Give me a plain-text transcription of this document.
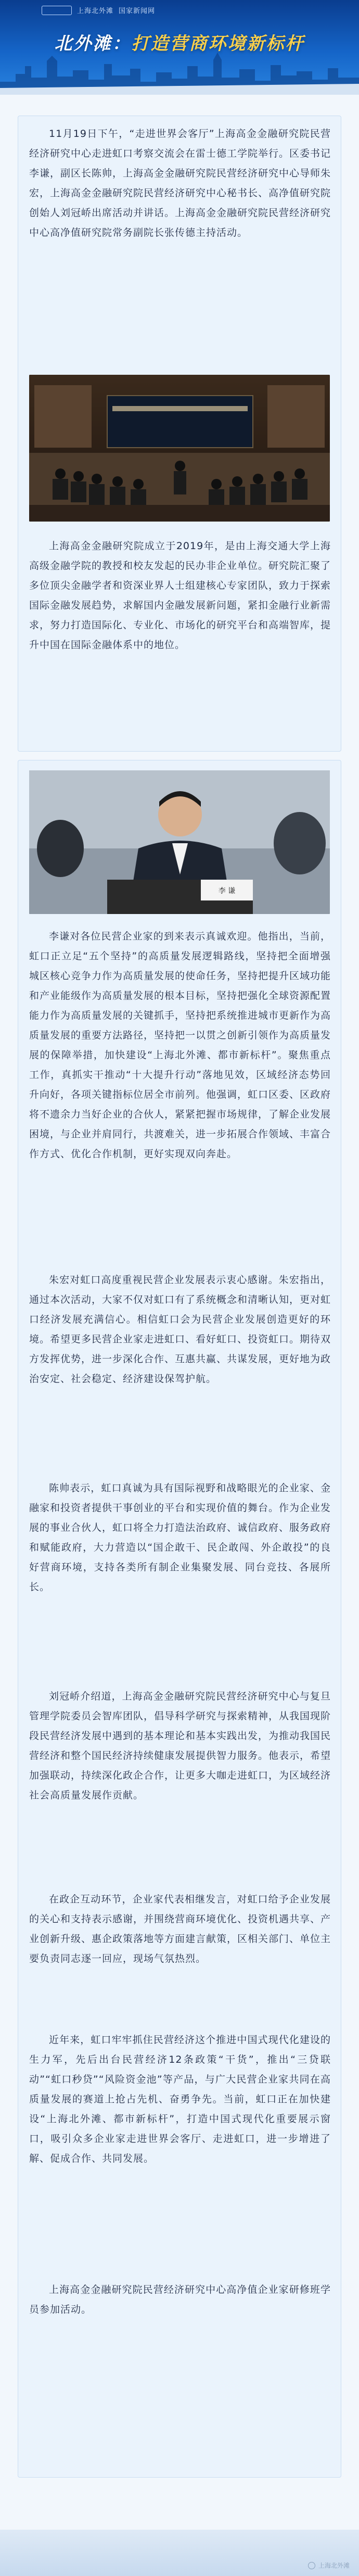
上海北外滩 国家新闻网
北外滩：打造营商环境新标杆
11月19日下午，“走进世界会客厅”上海高金金融研究院民营经济研究中心走进虹口考察交流会在雷士德工学院举行。区委书记李谦，副区长陈帅，上海高金金融研究院民营经济研究中心导师朱宏，上海高金金融研究院民营经济研究中心秘书长、高净值研究院创始人刘冠峤出席活动并讲话。上海高金金融研究院民营经济研究中心高净值研究院常务副院长张传德主持活动。
上海高金金融研究院成立于2019年，是由上海交通大学上海高级金融学院的教授和校友发起的民办非企业单位。研究院汇聚了多位顶尖金融学者和资深业界人士组建核心专家团队，致力于探索国际金融发展趋势，求解国内金融发展新问题，紧扣金融行业新需求，努力打造国际化、专业化、市场化的研究平台和高端智库，提升中国在国际金融体系中的地位。
李 谦
李谦对各位民营企业家的到来表示真诚欢迎。他指出，当前，虹口正立足“五个坚持”的高质量发展逻辑路线，坚持把全面增强城区核心竞争力作为高质量发展的使命任务，坚持把提升区域功能和产业能级作为高质量发展的根本目标，坚持把强化全球资源配置能力作为高质量发展的关键抓手，坚持把系统推进城市更新作为高质量发展的重要方法路径，坚持把一以贯之创新引领作为高质量发展的保障举措，加快建设“上海北外滩、都市新标杆”。聚焦重点工作，真抓实干推动“十大提升行动”落地见效，区域经济态势回升向好，各项关键指标位居全市前列。他强调，虹口区委、区政府将不遗余力当好企业的合伙人，紧紧把握市场规律，了解企业发展困境，与企业并肩同行，共渡难关，进一步拓展合作领域、丰富合作方式、优化合作机制，更好实现双向奔赴。
朱宏对虹口高度重视民营企业发展表示衷心感谢。朱宏指出，通过本次活动，大家不仅对虹口有了系统概念和清晰认知，更对虹口经济发展充满信心。相信虹口会为民营企业发展创造更好的环境。希望更多民营企业家走进虹口、看好虹口、投资虹口。期待双方发挥优势，进一步深化合作、互惠共赢、共谋发展，更好地为政治安定、社会稳定、经济建设保驾护航。
陈帅表示，虹口真诚为具有国际视野和战略眼光的企业家、金融家和投资者提供干事创业的平台和实现价值的舞台。作为企业发展的事业合伙人，虹口将全力打造法治政府、诚信政府、服务政府和赋能政府，大力营造以“国企敢干、民企敢闯、外企敢投”的良好营商环境，支持各类所有制企业集聚发展、同台竞技、各展所长。
刘冠峤介绍道，上海高金金融研究院民营经济研究中心与复旦管理学院委员会智库团队，倡导科学研究与探索精神，从我国现阶段民营经济发展中遇到的基本理论和基本实践出发，为推动我国民营经济和整个国民经济持续健康发展提供智力服务。他表示，希望加强联动，持续深化政企合作，让更多大咖走进虹口，为区域经济社会高质量发展作贡献。
在政企互动环节，企业家代表相继发言，对虹口给予企业发展的关心和支持表示感谢，并围绕营商环境优化、投资机遇共享、产业创新升级、惠企政策落地等方面建言献策，区相关部门、单位主要负责同志逐一回应，现场气氛热烈。
近年来，虹口牢牢抓住民营经济这个推进中国式现代化建设的生力军，先后出台民营经济12条政策“干货”，推出“三贷联动”“虹口秒贷”“风险资金池”等产品，与广大民营企业家共同在高质量发展的赛道上抢占先机、奋勇争先。当前，虹口正在加快建设“上海北外滩、都市新标杆”，打造中国式现代化重要展示窗口，吸引众多企业家走进世界会客厅、走进虹口，进一步增进了解、促成合作、共同发展。
上海高金金融研究院民营经济研究中心高净值企业家研修班学员参加活动。
上海北外滩
